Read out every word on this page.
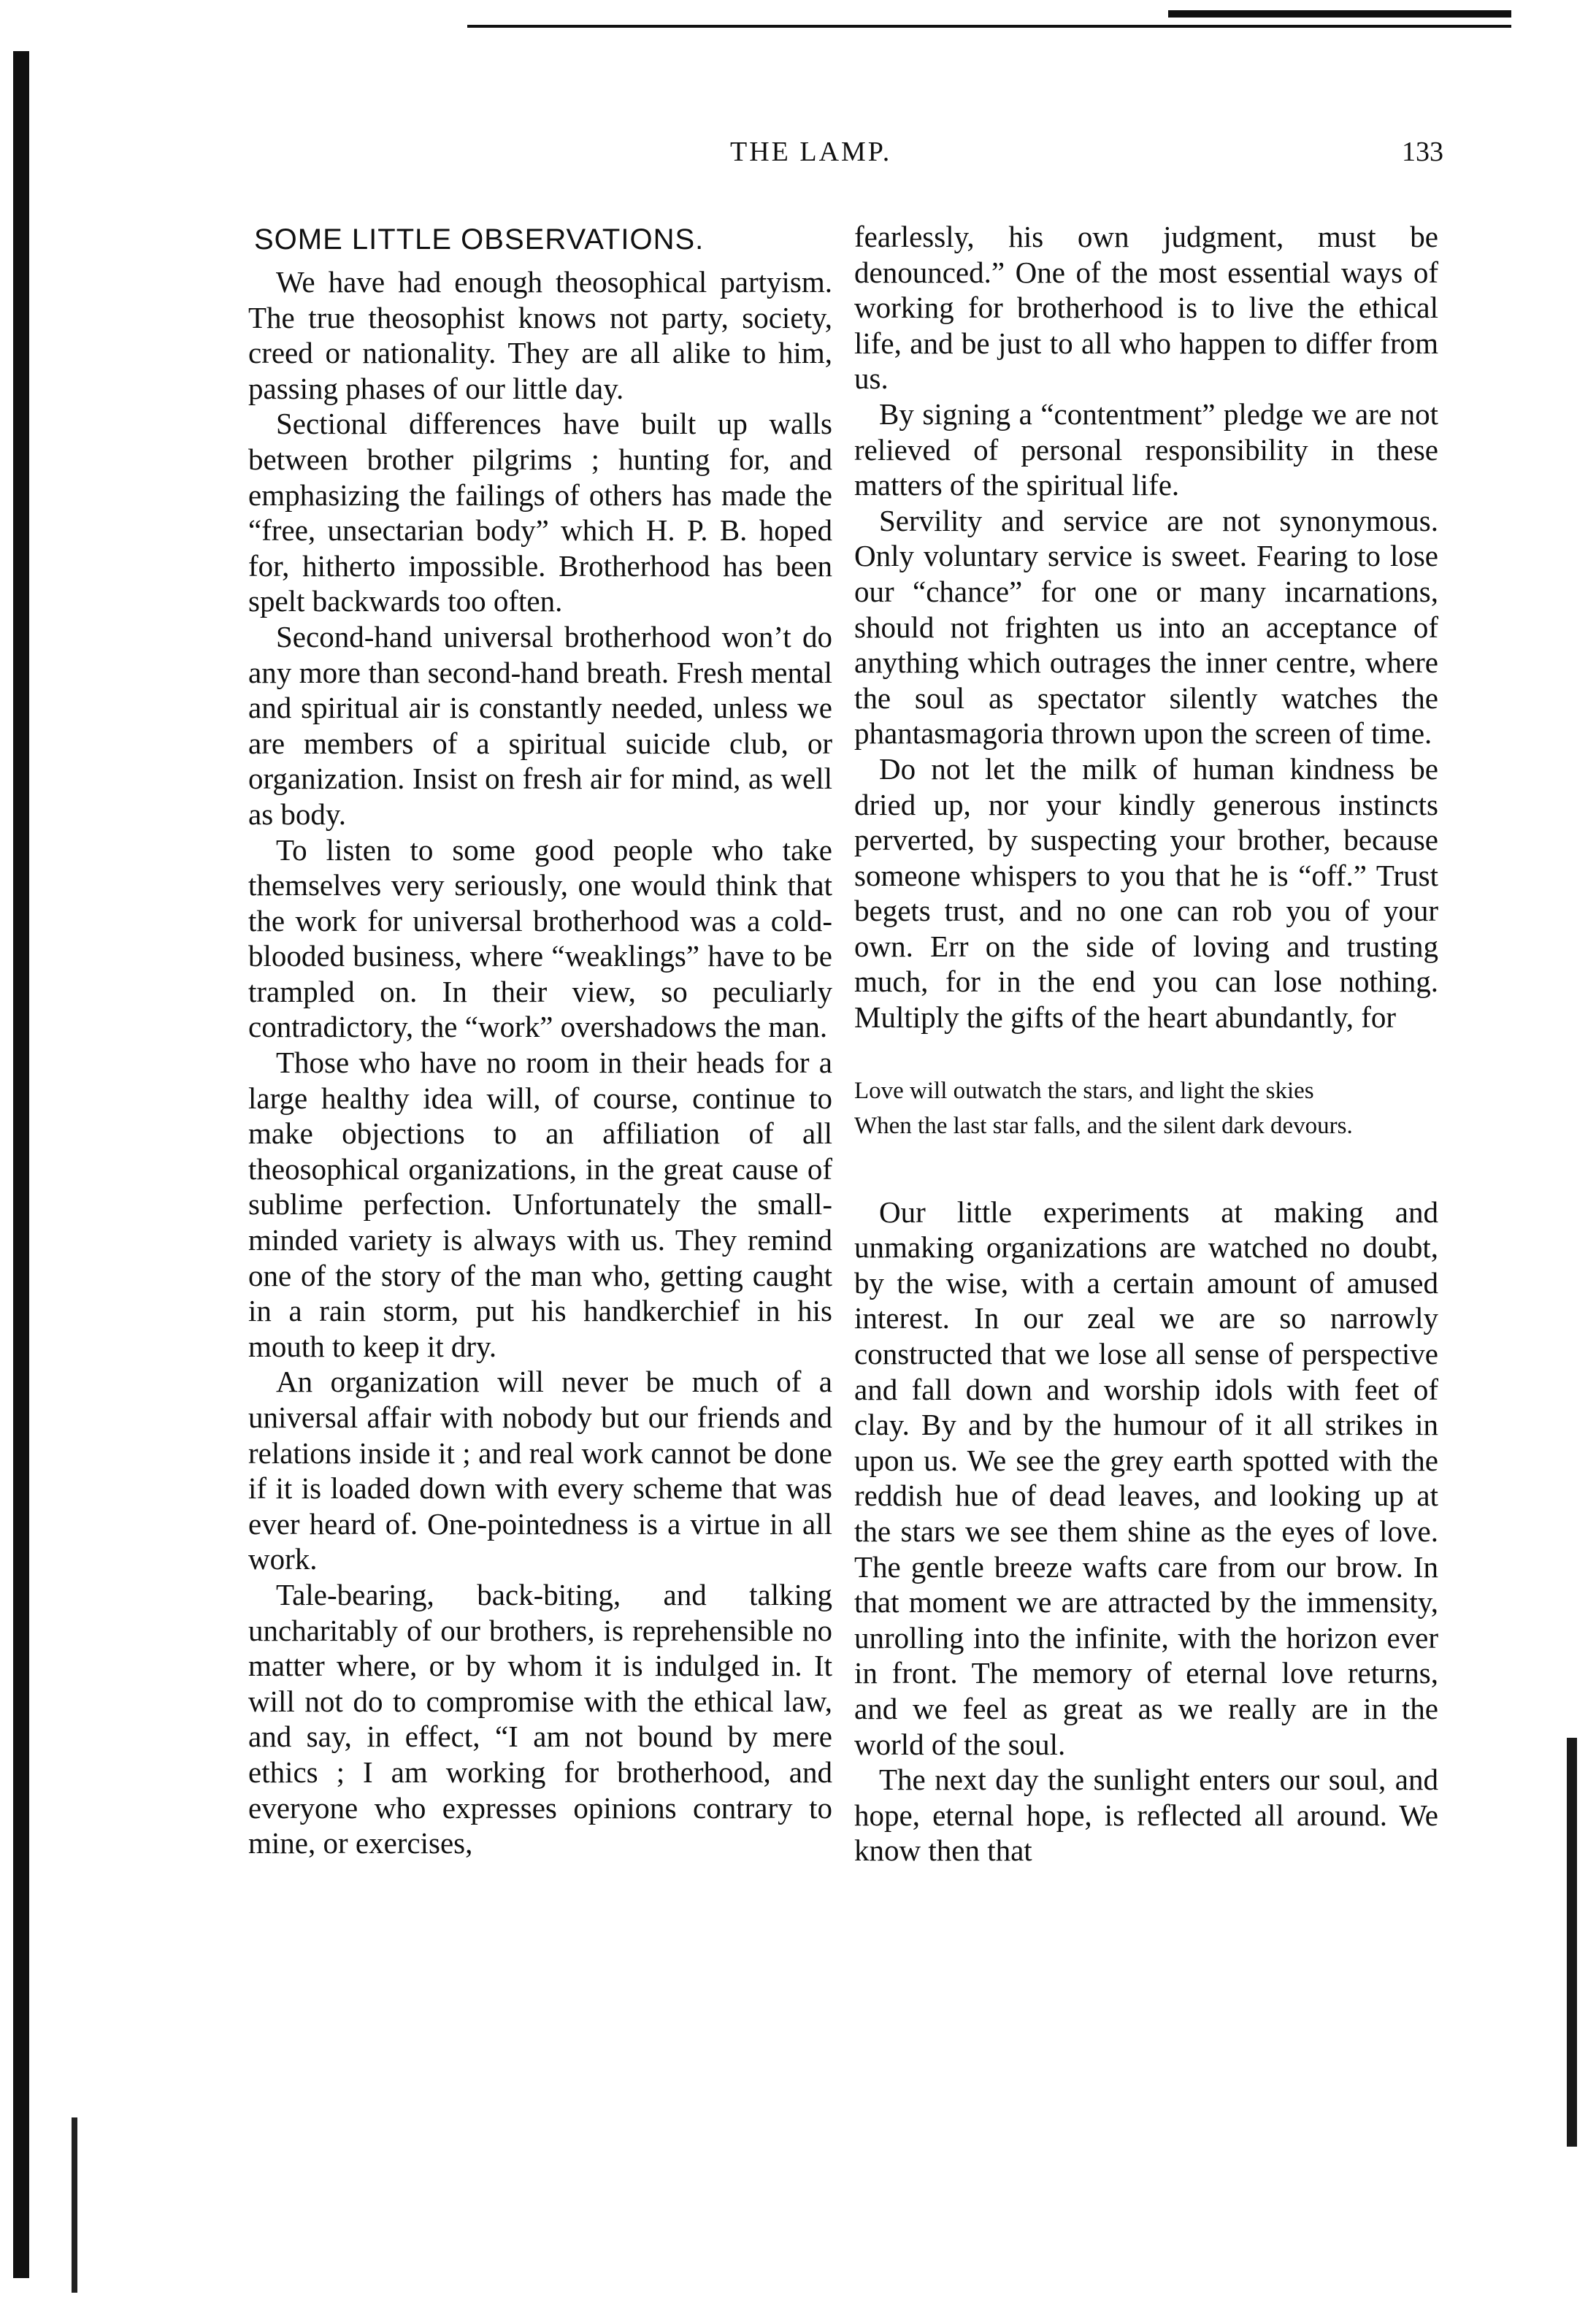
THE LAMP.	133
SOME LITTLE OBSERVATIONS.

We have had enough theosophical partyism. The true theosophist knows not party, society, creed or nationality. They are all alike to him, passing phases of our little day.

Sectional differences have built up walls between brother pilgrims ; hunting for, and emphasizing the failings of others has made the “free, unsectarian body” which H. P. B. hoped for, hitherto impossible. Brotherhood has been spelt backwards too often.

Second-hand universal brotherhood won’t do any more than second-hand breath. Fresh mental and spiritual air is constantly needed, unless we are members of a spiritual suicide club, or organization. Insist on fresh air for mind, as well as body.

To listen to some good people who take themselves very seriously, one would think that the work for universal brotherhood was a cold-blooded business, where “weaklings” have to be trampled on. In their view, so peculiarly contradictory, the “work” overshadows the man.

Those who have no room in their heads for a large healthy idea will, of course, continue to make objections to an affiliation of all theosophical organizations, in the great cause of sublime perfection. Unfortunately the small-minded variety is always with us. They remind one of the story of the man who, getting caught in a rain storm, put his handkerchief in his mouth to keep it dry.

An organization will never be much of a universal affair with nobody but our friends and relations inside it ; and real work cannot be done if it is loaded down with every scheme that was ever heard of. One-pointedness is a virtue in all work.

Tale-bearing, back-biting, and talking uncharitably of our brothers, is reprehensible no matter where, or by whom it is indulged in. It will not do to compromise with the ethical law, and say, in effect, “I am not bound by mere ethics ; I am working for brotherhood, and everyone who expresses opinions contrary to mine, or exercises,

fearlessly, his own judgment, must be denounced.” One of the most essential ways of working for brotherhood is to live the ethical life, and be just to all who happen to differ from us.

By signing a “contentment” pledge we are not relieved of personal responsibility in these matters of the spiritual life.

Servility and service are not synonymous. Only voluntary service is sweet. Fearing to lose our “chance” for one or many incarnations, should not frighten us into an acceptance of anything which outrages the inner centre, where the soul as spectator silently watches the phantasmagoria thrown upon the screen of time.

Do not let the milk of human kindness be dried up, nor your kindly generous instincts perverted, by suspecting your brother, because someone whispers to you that he is “off.” Trust begets trust, and no one can rob you of your own. Err on the side of loving and trusting much, for in the end you can lose nothing. Multiply the gifts of the heart abundantly, for

Love will outwatch the stars, and light the skies
When the last star falls, and the silent dark devours.

Our little experiments at making and unmaking organizations are watched no doubt, by the wise, with a certain amount of amused interest. In our zeal we are so narrowly constructed that we lose all sense of perspective and fall down and worship idols with feet of clay. By and by the humour of it all strikes in upon us. We see the grey earth spotted with the reddish hue of dead leaves, and looking up at the stars we see them shine as the eyes of love. The gentle breeze wafts care from our brow. In that moment we are attracted by the immensity, unrolling into the infinite, with the horizon ever in front. The memory of eternal love returns, and we feel as great as we really are in the world of the soul.

The next day the sunlight enters our soul, and hope, eternal hope, is reflected all around. We know then that
